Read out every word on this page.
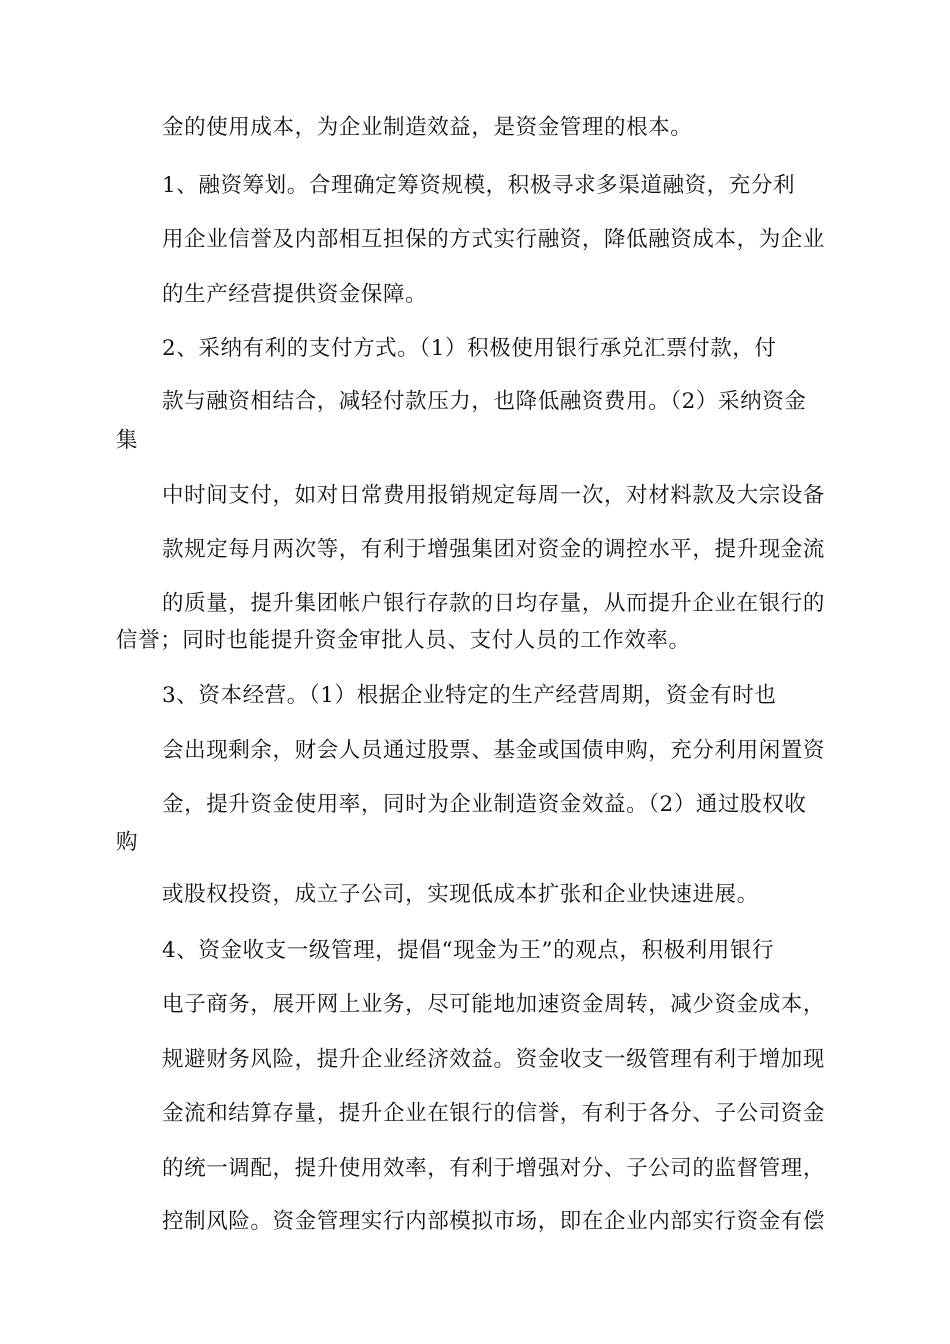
金的使用成本，为企业制造效益，是资金管理的根本。
1、融资筹划。合理确定筹资规模，积极寻求多渠道融资，充分利
用企业信誉及内部相互担保的方式实行融资，降低融资成本，为企业
的生产经营提供资金保障。
2、采纳有利的支付方式。（1）积极使用银行承兑汇票付款，付
款与融资相结合，减轻付款压力，也降低融资费用。（2）采纳资金
集
中时间支付，如对日常费用报销规定每周一次，对材料款及大宗设备
款规定每月两次等，有利于增强集团对资金的调控水平，提升现金流
的质量，提升集团帐户银行存款的日均存量，从而提升企业在银行的
信誉；同时也能提升资金审批人员、支付人员的工作效率。
3、资本经营。（1）根据企业特定的生产经营周期，资金有时也
会出现剩余，财会人员通过股票、基金或国债申购，充分利用闲置资
金，提升资金使用率，同时为企业制造资金效益。（2）通过股权收
购
或股权投资，成立子公司，实现低成本扩张和企业快速进展。
4、资金收支一级管理，提倡“现金为王”的观点，积极利用银行
电子商务，展开网上业务，尽可能地加速资金周转，减少资金成本，
规避财务风险，提升企业经济效益。资金收支一级管理有利于增加现
金流和结算存量，提升企业在银行的信誉，有利于各分、子公司资金
的统一调配，提升使用效率，有利于增强对分、子公司的监督管理，
控制风险。资金管理实行内部模拟市场，即在企业内部实行资金有偿
